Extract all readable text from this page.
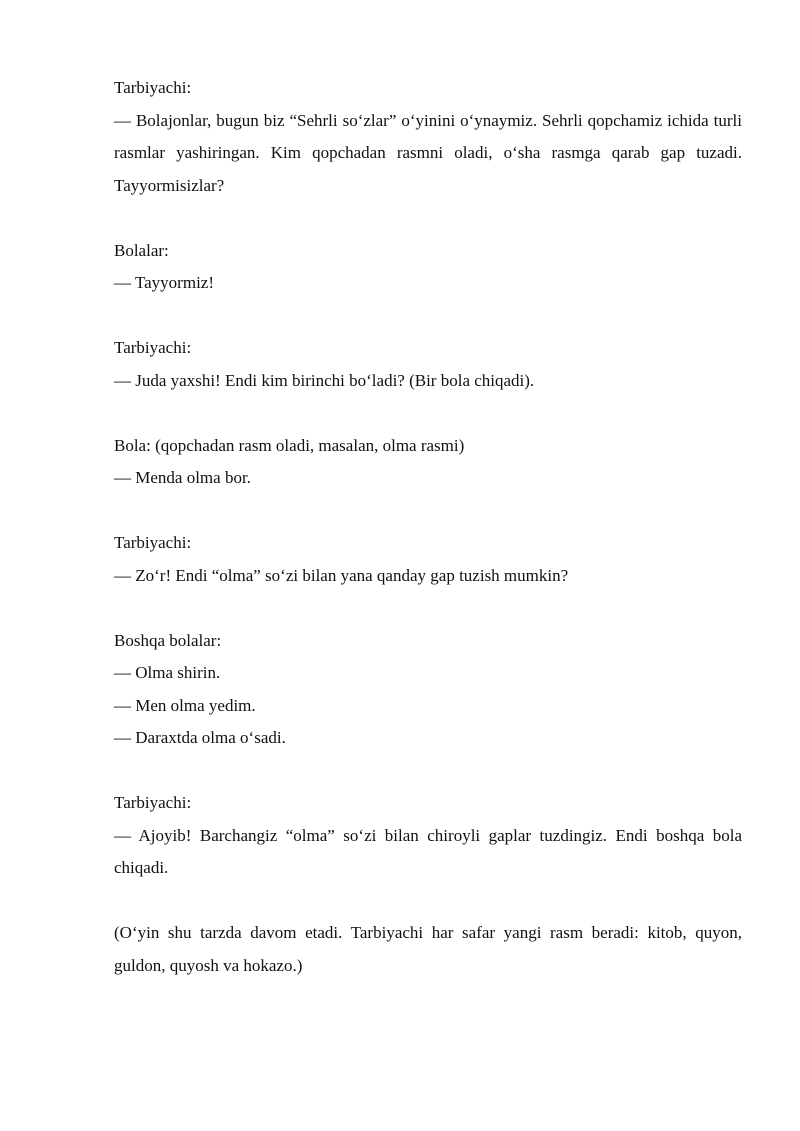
Tarbiyachi:
— Bolajonlar, bugun biz “Sehrli so‘zlar” o‘yinini o‘ynaymiz. Sehrli qopchamiz ichida turli rasmlar yashiringan. Kim qopchadan rasmni oladi, o‘sha rasmga qarab gap tuzadi. Tayyormisizlar?
Bolalar:
— Tayyormiz!
Tarbiyachi:
— Juda yaxshi! Endi kim birinchi bo‘ladi? (Bir bola chiqadi).
Bola: (qopchadan rasm oladi, masalan, olma rasmi)
— Menda olma bor.
Tarbiyachi:
— Zo‘r! Endi “olma” so‘zi bilan yana qanday gap tuzish mumkin?
Boshqa bolalar:
— Olma shirin.
— Men olma yedim.
— Daraxtda olma o‘sadi.
Tarbiyachi:
— Ajoyib! Barchangiz “olma” so‘zi bilan chiroyli gaplar tuzdingiz. Endi boshqa bola chiqadi.
(O‘yin shu tarzda davom etadi. Tarbiyachi har safar yangi rasm beradi: kitob, quyon, guldon, quyosh va hokazo.)
